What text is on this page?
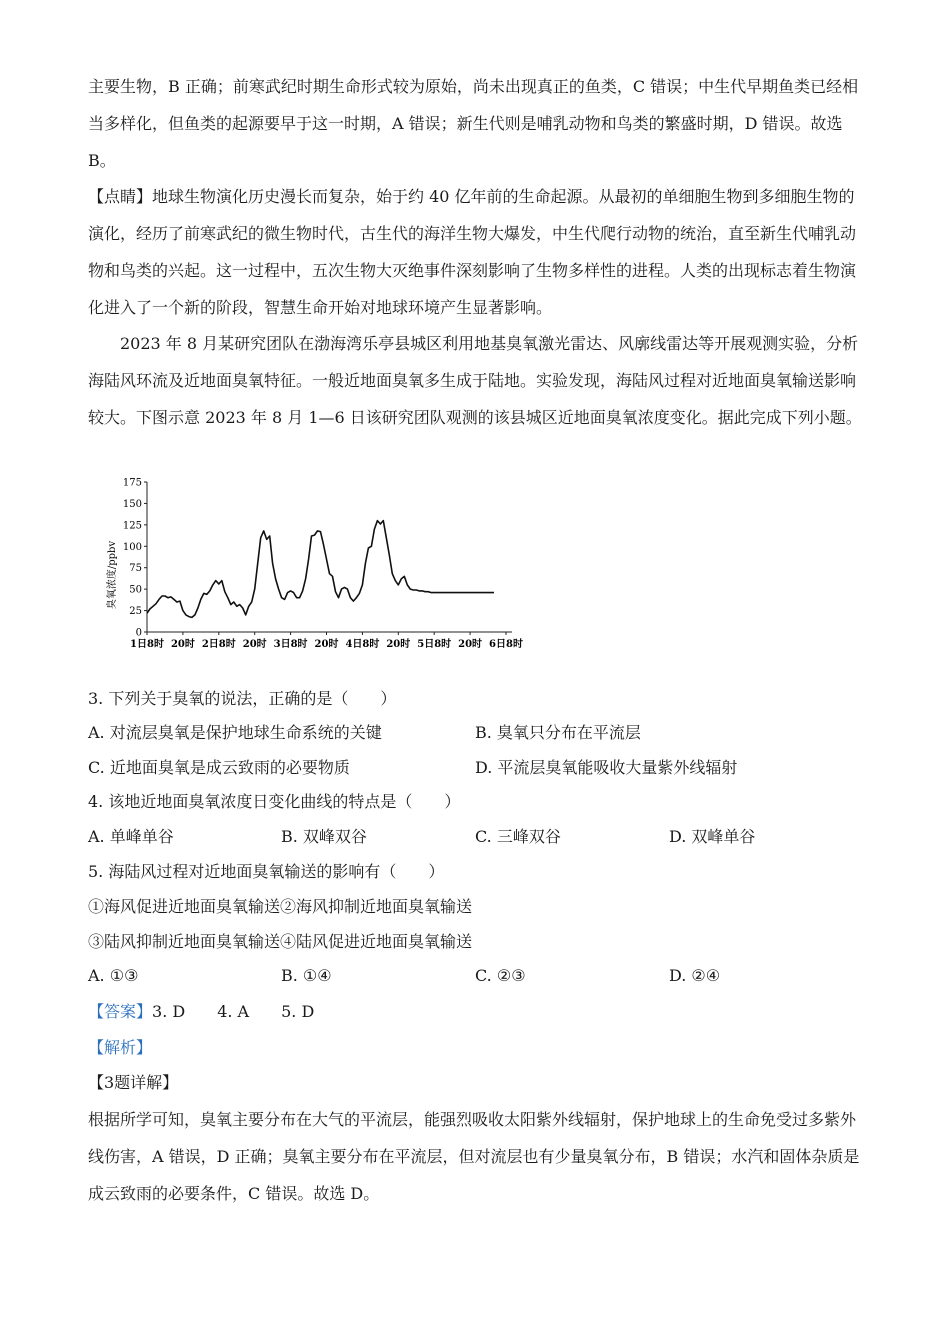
主要生物，B 正确；前寒武纪时期生命形式较为原始，尚未出现真正的鱼类，C 错误；中生代早期鱼类已经相当多样化，但鱼类的起源要早于这一时期，A 错误；新生代则是哺乳动物和鸟类的繁盛时期，D 错误。故选 B。

【点睛】地球生物演化历史漫长而复杂，始于约 40 亿年前的生命起源。从最初的单细胞生物到多细胞生物的演化，经历了前寒武纪的微生物时代，古生代的海洋生物大爆发，中生代爬行动物的统治，直至新生代哺乳动物和鸟类的兴起。这一过程中，五次生物大灭绝事件深刻影响了生物多样性的进程。人类的出现标志着生物演化进入了一个新的阶段，智慧生命开始对地球环境产生显著影响。

2023 年 8 月某研究团队在渤海湾乐亭县城区利用地基臭氧激光雷达、风廓线雷达等开展观测实验，分析海陆风环流及近地面臭氧特征。一般近地面臭氧多生成于陆地。实验发现，海陆风过程对近地面臭氧输送影响较大。下图示意 2023 年 8 月 1—6 日该研究团队观测的该县城区近地面臭氧浓度变化。据此完成下列小题。

臭氧浓度/ppbv
175
150
125
100
75
50
25
0
1日8时 20时 2日8时 20时 3日8时 20时 4日8时 20时 5日8时 20时 6日8时
3. 下列关于臭氧的说法，正确的是（　　）
A. 对流层臭氧是保护地球生命系统的关键	B. 臭氧只分布在平流层
C. 近地面臭氧是成云致雨的必要物质	D. 平流层臭氧能吸收大量紫外线辐射
4. 该地近地面臭氧浓度日变化曲线的特点是（　　）
A. 单峰单谷	B. 双峰双谷	C. 三峰双谷	D. 双峰单谷
5. 海陆风过程对近地面臭氧输送的影响有（　　）
①海风促进近地面臭氧输送②海风抑制近地面臭氧输送
③陆风抑制近地面臭氧输送④陆风促进近地面臭氧输送
A. ①③	B. ①④	C. ②③	D. ②④
【答案】3. D　　4. A　　5. D
【解析】
【3题详解】

根据所学可知，臭氧主要分布在大气的平流层，能强烈吸收太阳紫外线辐射，保护地球上的生命免受过多紫外线伤害，A 错误，D 正确；臭氧主要分布在平流层，但对流层也有少量臭氧分布，B 错误；水汽和固体杂质是成云致雨的必要条件，C 错误。故选 D。
